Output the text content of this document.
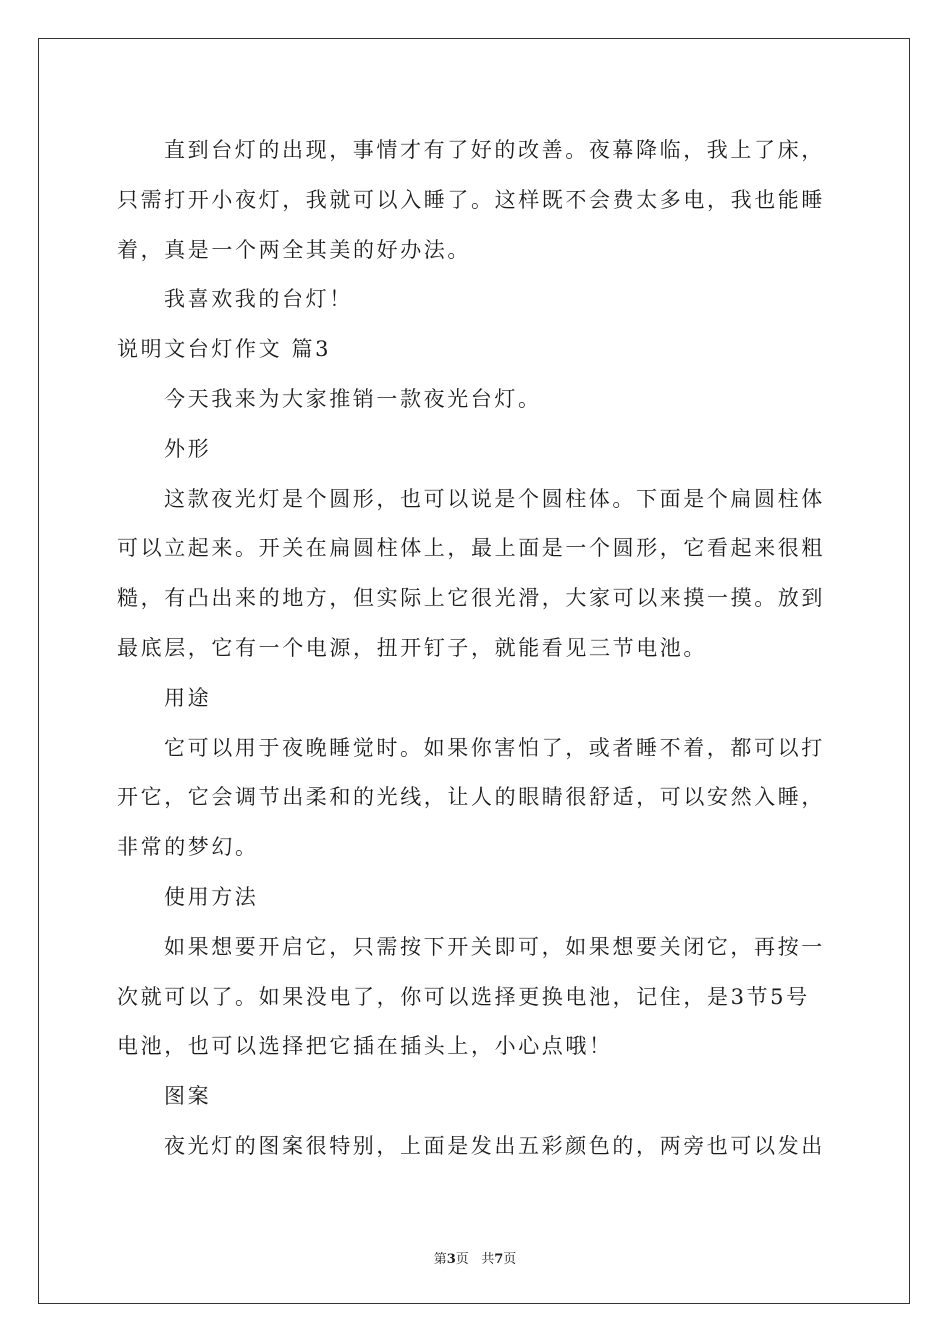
直到台灯的出现，事情才有了好的改善。夜幕降临，我上了床，
只需打开小夜灯，我就可以入睡了。这样既不会费太多电，我也能睡
着，真是一个两全其美的好办法。
我喜欢我的台灯！
说明文台灯作文 篇3
今天我来为大家推销一款夜光台灯。
外形
这款夜光灯是个圆形，也可以说是个圆柱体。下面是个扁圆柱体
可以立起来。开关在扁圆柱体上，最上面是一个圆形，它看起来很粗
糙，有凸出来的地方，但实际上它很光滑，大家可以来摸一摸。放到
最底层，它有一个电源，扭开钉子，就能看见三节电池。
用途
它可以用于夜晚睡觉时。如果你害怕了，或者睡不着，都可以打
开它，它会调节出柔和的光线，让人的眼睛很舒适，可以安然入睡，
非常的梦幻。
使用方法
如果想要开启它，只需按下开关即可，如果想要关闭它，再按一
次就可以了。如果没电了，你可以选择更换电池，记住，是3节5号
电池，也可以选择把它插在插头上，小心点哦！
图案
夜光灯的图案很特别，上面是发出五彩颜色的，两旁也可以发出
第3页 共7页
